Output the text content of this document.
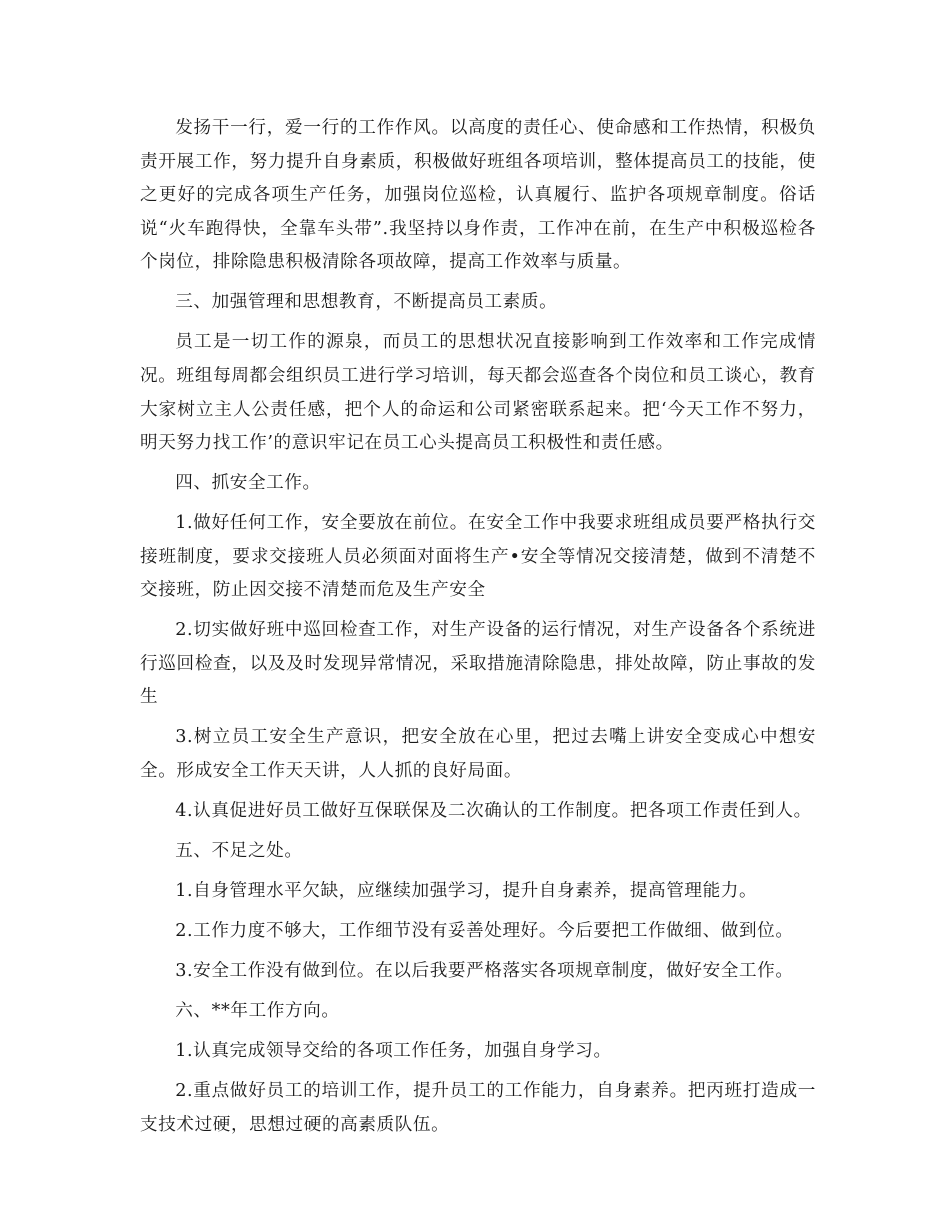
发扬干一行，爱一行的工作作风。以高度的责任心、使命感和工作热情，积极负责开展工作，努力提升自身素质，积极做好班组各项培训，整体提高员工的技能，使之更好的完成各项生产任务，加强岗位巡检，认真履行、监护各项规章制度。俗话说“火车跑得快，全靠车头带”.我坚持以身作责，工作冲在前，在生产中积极巡检各个岗位，排除隐患积极清除各项故障，提高工作效率与质量。

三、加强管理和思想教育，不断提高员工素质。

员工是一切工作的源泉，而员工的思想状况直接影响到工作效率和工作完成情况。班组每周都会组织员工进行学习培训，每天都会巡查各个岗位和员工谈心，教育大家树立主人公责任感，把个人的命运和公司紧密联系起来。把‘今天工作不努力，明天努力找工作’的意识牢记在员工心头提高员工积极性和责任感。

四、抓安全工作。

1.做好任何工作，安全要放在前位。在安全工作中我要求班组成员要严格执行交接班制度，要求交接班人员必须面对面将生产•安全等情况交接清楚，做到不清楚不交接班，防止因交接不清楚而危及生产安全

2.切实做好班中巡回检查工作，对生产设备的运行情况，对生产设备各个系统进行巡回检查，以及及时发现异常情况，采取措施清除隐患，排处故障，防止事故的发生

3.树立员工安全生产意识，把安全放在心里，把过去嘴上讲安全变成心中想安全。形成安全工作天天讲，人人抓的良好局面。

4.认真促进好员工做好互保联保及二次确认的工作制度。把各项工作责任到人。

五、不足之处。

1.自身管理水平欠缺，应继续加强学习，提升自身素养，提高管理能力。

2.工作力度不够大，工作细节没有妥善处理好。今后要把工作做细、做到位。

3.安全工作没有做到位。在以后我要严格落实各项规章制度，做好安全工作。

六、**年工作方向。

1.认真完成领导交给的各项工作任务，加强自身学习。

2.重点做好员工的培训工作，提升员工的工作能力，自身素养。把丙班打造成一支技术过硬，思想过硬的高素质队伍。
